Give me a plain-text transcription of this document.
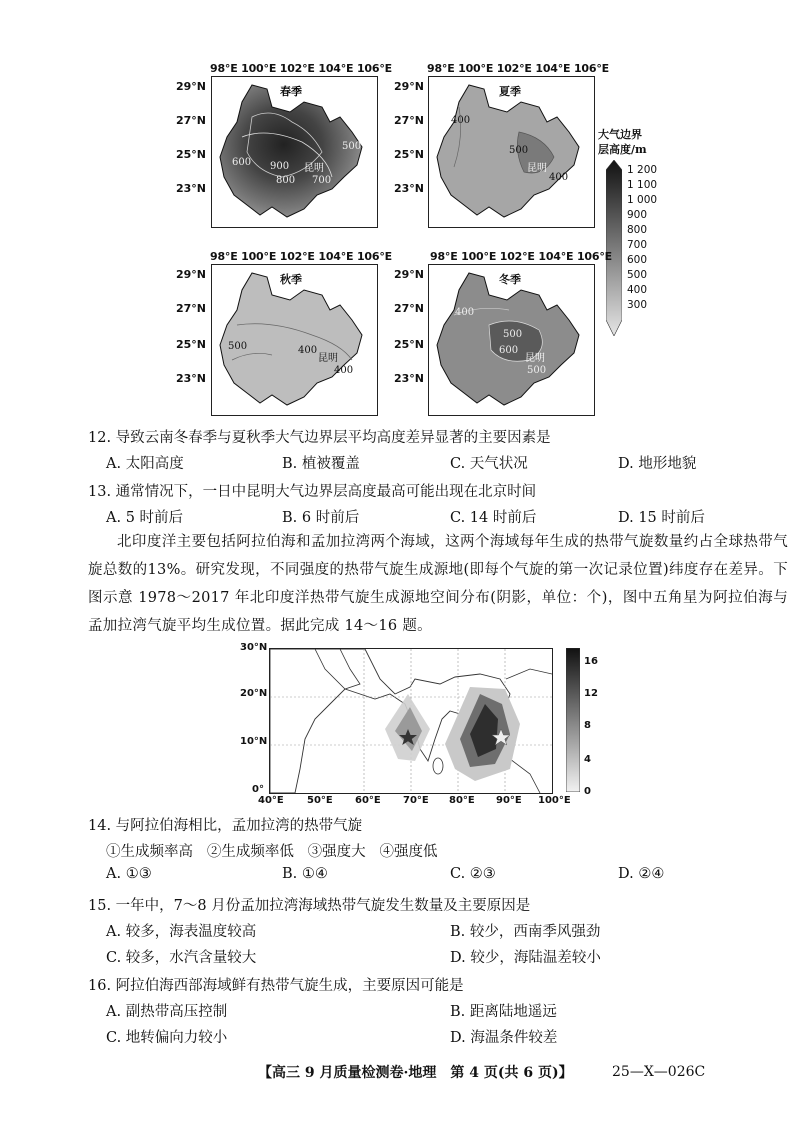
98°E 100°E 102°E 104°E 106°E
29°N
27°N
25°N
23°N
春季
600 900
800 700
500
昆明
98°E 100°E 102°E 104°E 106°E
29°N
27°N
25°N
23°N
夏季
400
500
400
昆明
大气边界
层高度/m
1 200
1 100
1 000
900
800
700
600
500
400
300
98°E 100°E 102°E 104°E 106°E
29°N
27°N
25°N
23°N
秋季
400
400
500
昆明
98°E 100°E 102°E 104°E 106°E
29°N
27°N
25°N
23°N
冬季
400
500
600
500
昆明
12. 导致云南冬春季与夏秋季大气边界层平均高度差异显著的主要因素是
A. 太阳高度	B. 植被覆盖	C. 天气状况	D. 地形地貌
13. 通常情况下，一日中昆明大气边界层高度最高可能出现在北京时间
A. 5 时前后	B. 6 时前后	C. 14 时前后	D. 15 时前后
北印度洋主要包括阿拉伯海和孟加拉湾两个海域，这两个海域每年生成的热带气旋数量约占全球热带气旋总数的13%。研究发现，不同强度的热带气旋生成源地(即每个气旋的第一次记录位置)纬度存在差异。下图示意 1978～2017 年北印度洋热带气旋生成源地空间分布(阴影，单位：个)，图中五角星为阿拉伯海与孟加拉湾气旋平均生成位置。据此完成 14～16 题。
30°N
20°N
10°N
0°
40°E 50°E 60°E 70°E 80°E 90°E 100°E
16
12
8
4
0
14. 与阿拉伯海相比，孟加拉湾的热带气旋
①生成频率高   ②生成频率低   ③强度大   ④强度低
A. ①③	B. ①④	C. ②③	D. ②④
15. 一年中，7～8 月份孟加拉湾海域热带气旋发生数量及主要原因是
A. 较多，海表温度较高	B. 较少，西南季风强劲
C. 较多，水汽含量较大	D. 较少，海陆温差较小
16. 阿拉伯海西部海域鲜有热带气旋生成，主要原因可能是
A. 副热带高压控制	B. 距离陆地遥远
C. 地转偏向力较小	D. 海温条件较差
【高三 9 月质量检测卷·地理　第 4 页(共 6 页)】	25—X—026C
